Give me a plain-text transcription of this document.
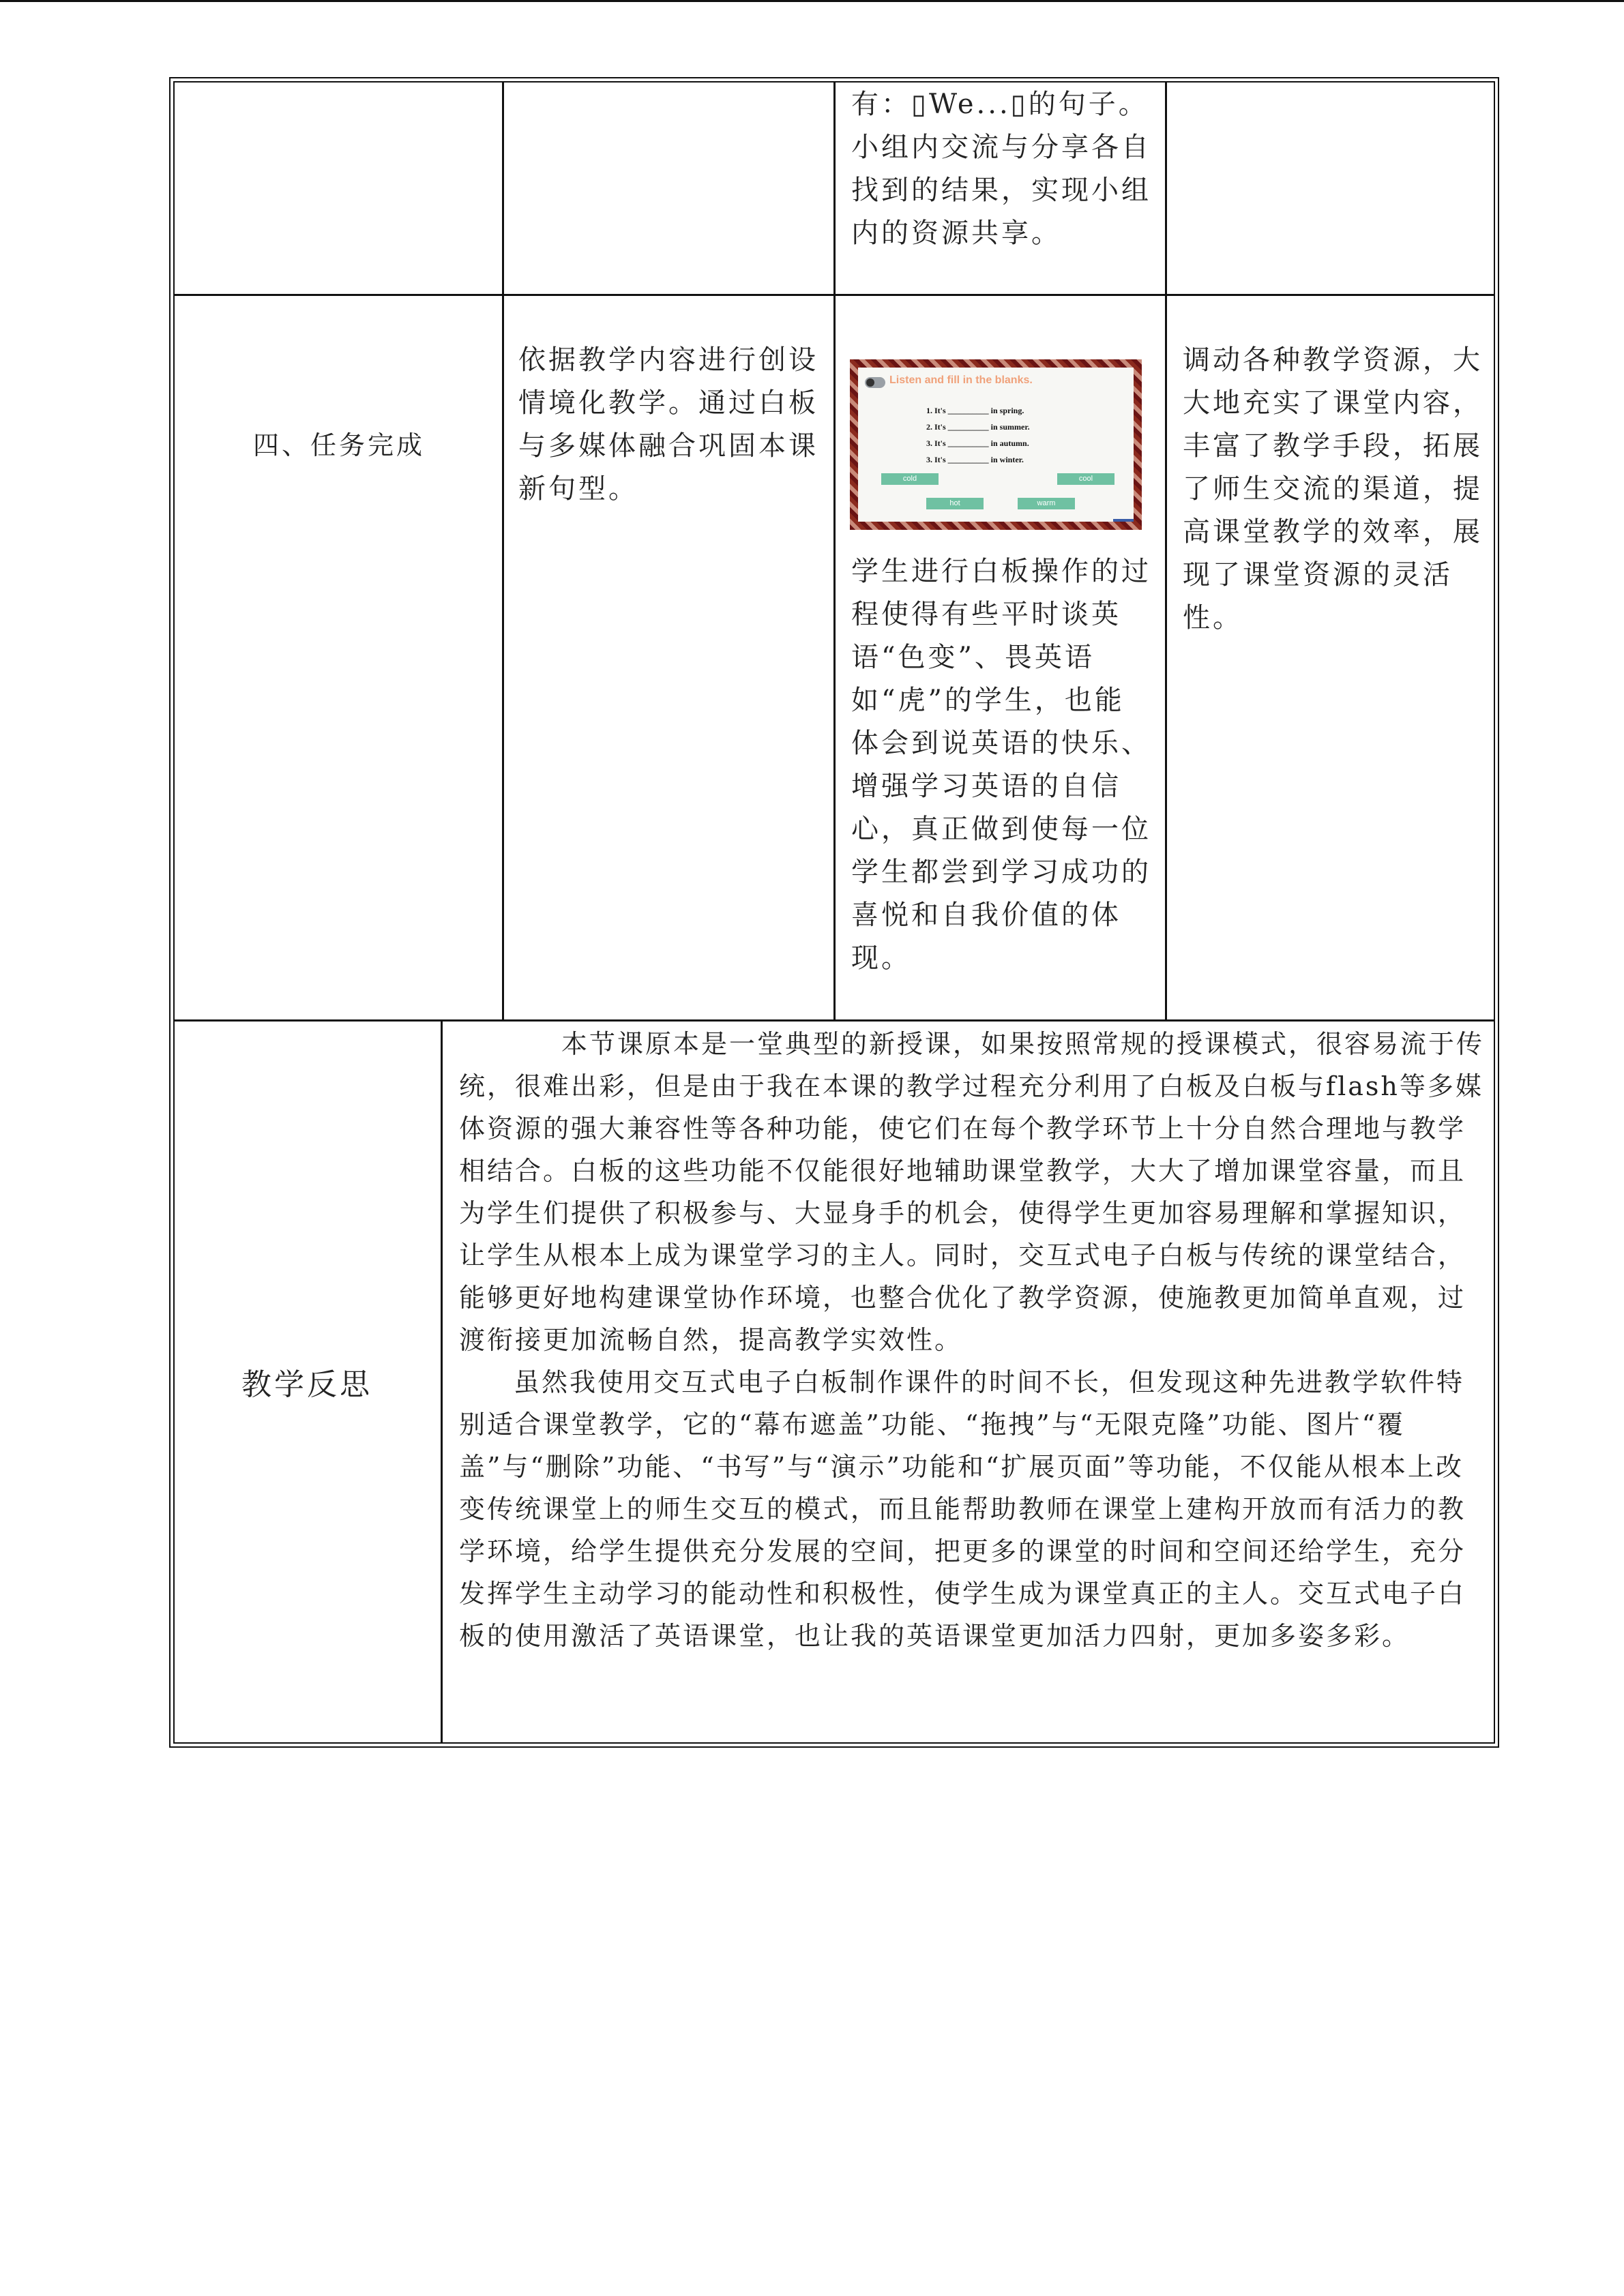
有：▯We...▯的句子。小组内交流与分享各自找到的结果，实现小组内的资源共享。
四、任务完成
依据教学内容进行创设情境化教学。通过白板与多媒体融合巩固本课新句型。
Listen and fill in the blanks.
1. It's __________ in spring.
2. It's __________ in summer.
3. It's __________ in autumn.
3. It's __________ in winter.
cold	cool
hot	warm
学生进行白板操作的过程使得有些平时谈英语“色变”、畏英语如“虎”的学生，也能体会到说英语的快乐、增强学习英语的自信心，真正做到使每一位学生都尝到学习成功的喜悦和自我价值的体现。
调动各种教学资源，大大地充实了课堂内容，　丰富了教学手段，拓展了师生交流的渠道，提高课堂教学的效率，展现了课堂资源的灵活性。
教学反思
本节课原本是一堂典型的新授课，如果按照常规的授课模式，很容易流于传统，很难出彩，但是由于我在本课的教学过程充分利用了白板及白板与flash等多媒体资源的强大兼容性等各种功能，使它们在每个教学环节上十分自然合理地与教学相结合。白板的这些功能不仅能很好地辅助课堂教学，大大了增加课堂容量，而且为学生们提供了积极参与、大显身手的机会，使得学生更加容易理解和掌握知识，让学生从根本上成为课堂学习的主人。同时，交互式电子白板与传统的课堂结合，能够更好地构建课堂协作环境，也整合优化了教学资源，使施教更加简单直观，过渡衔接更加流畅自然，提高教学实效性。
虽然我使用交互式电子白板制作课件的时间不长，但发现这种先进教学软件特别适合课堂教学，它的“幕布遮盖”功能、“拖拽”与“无限克隆”功能、图片“覆盖”与“删除”功能、“书写”与“演示”功能和“扩展页面”等功能，不仅能从根本上改变传统课堂上的师生交互的模式，而且能帮助教师在课堂上建构开放而有活力的教学环境，给学生提供充分发展的空间，把更多的课堂的时间和空间还给学生，充分发挥学生主动学习的能动性和积极性，使学生成为课堂真正的主人。交互式电子白板的使用激活了英语课堂，也让我的英语课堂更加活力四射，更加多姿多彩。
